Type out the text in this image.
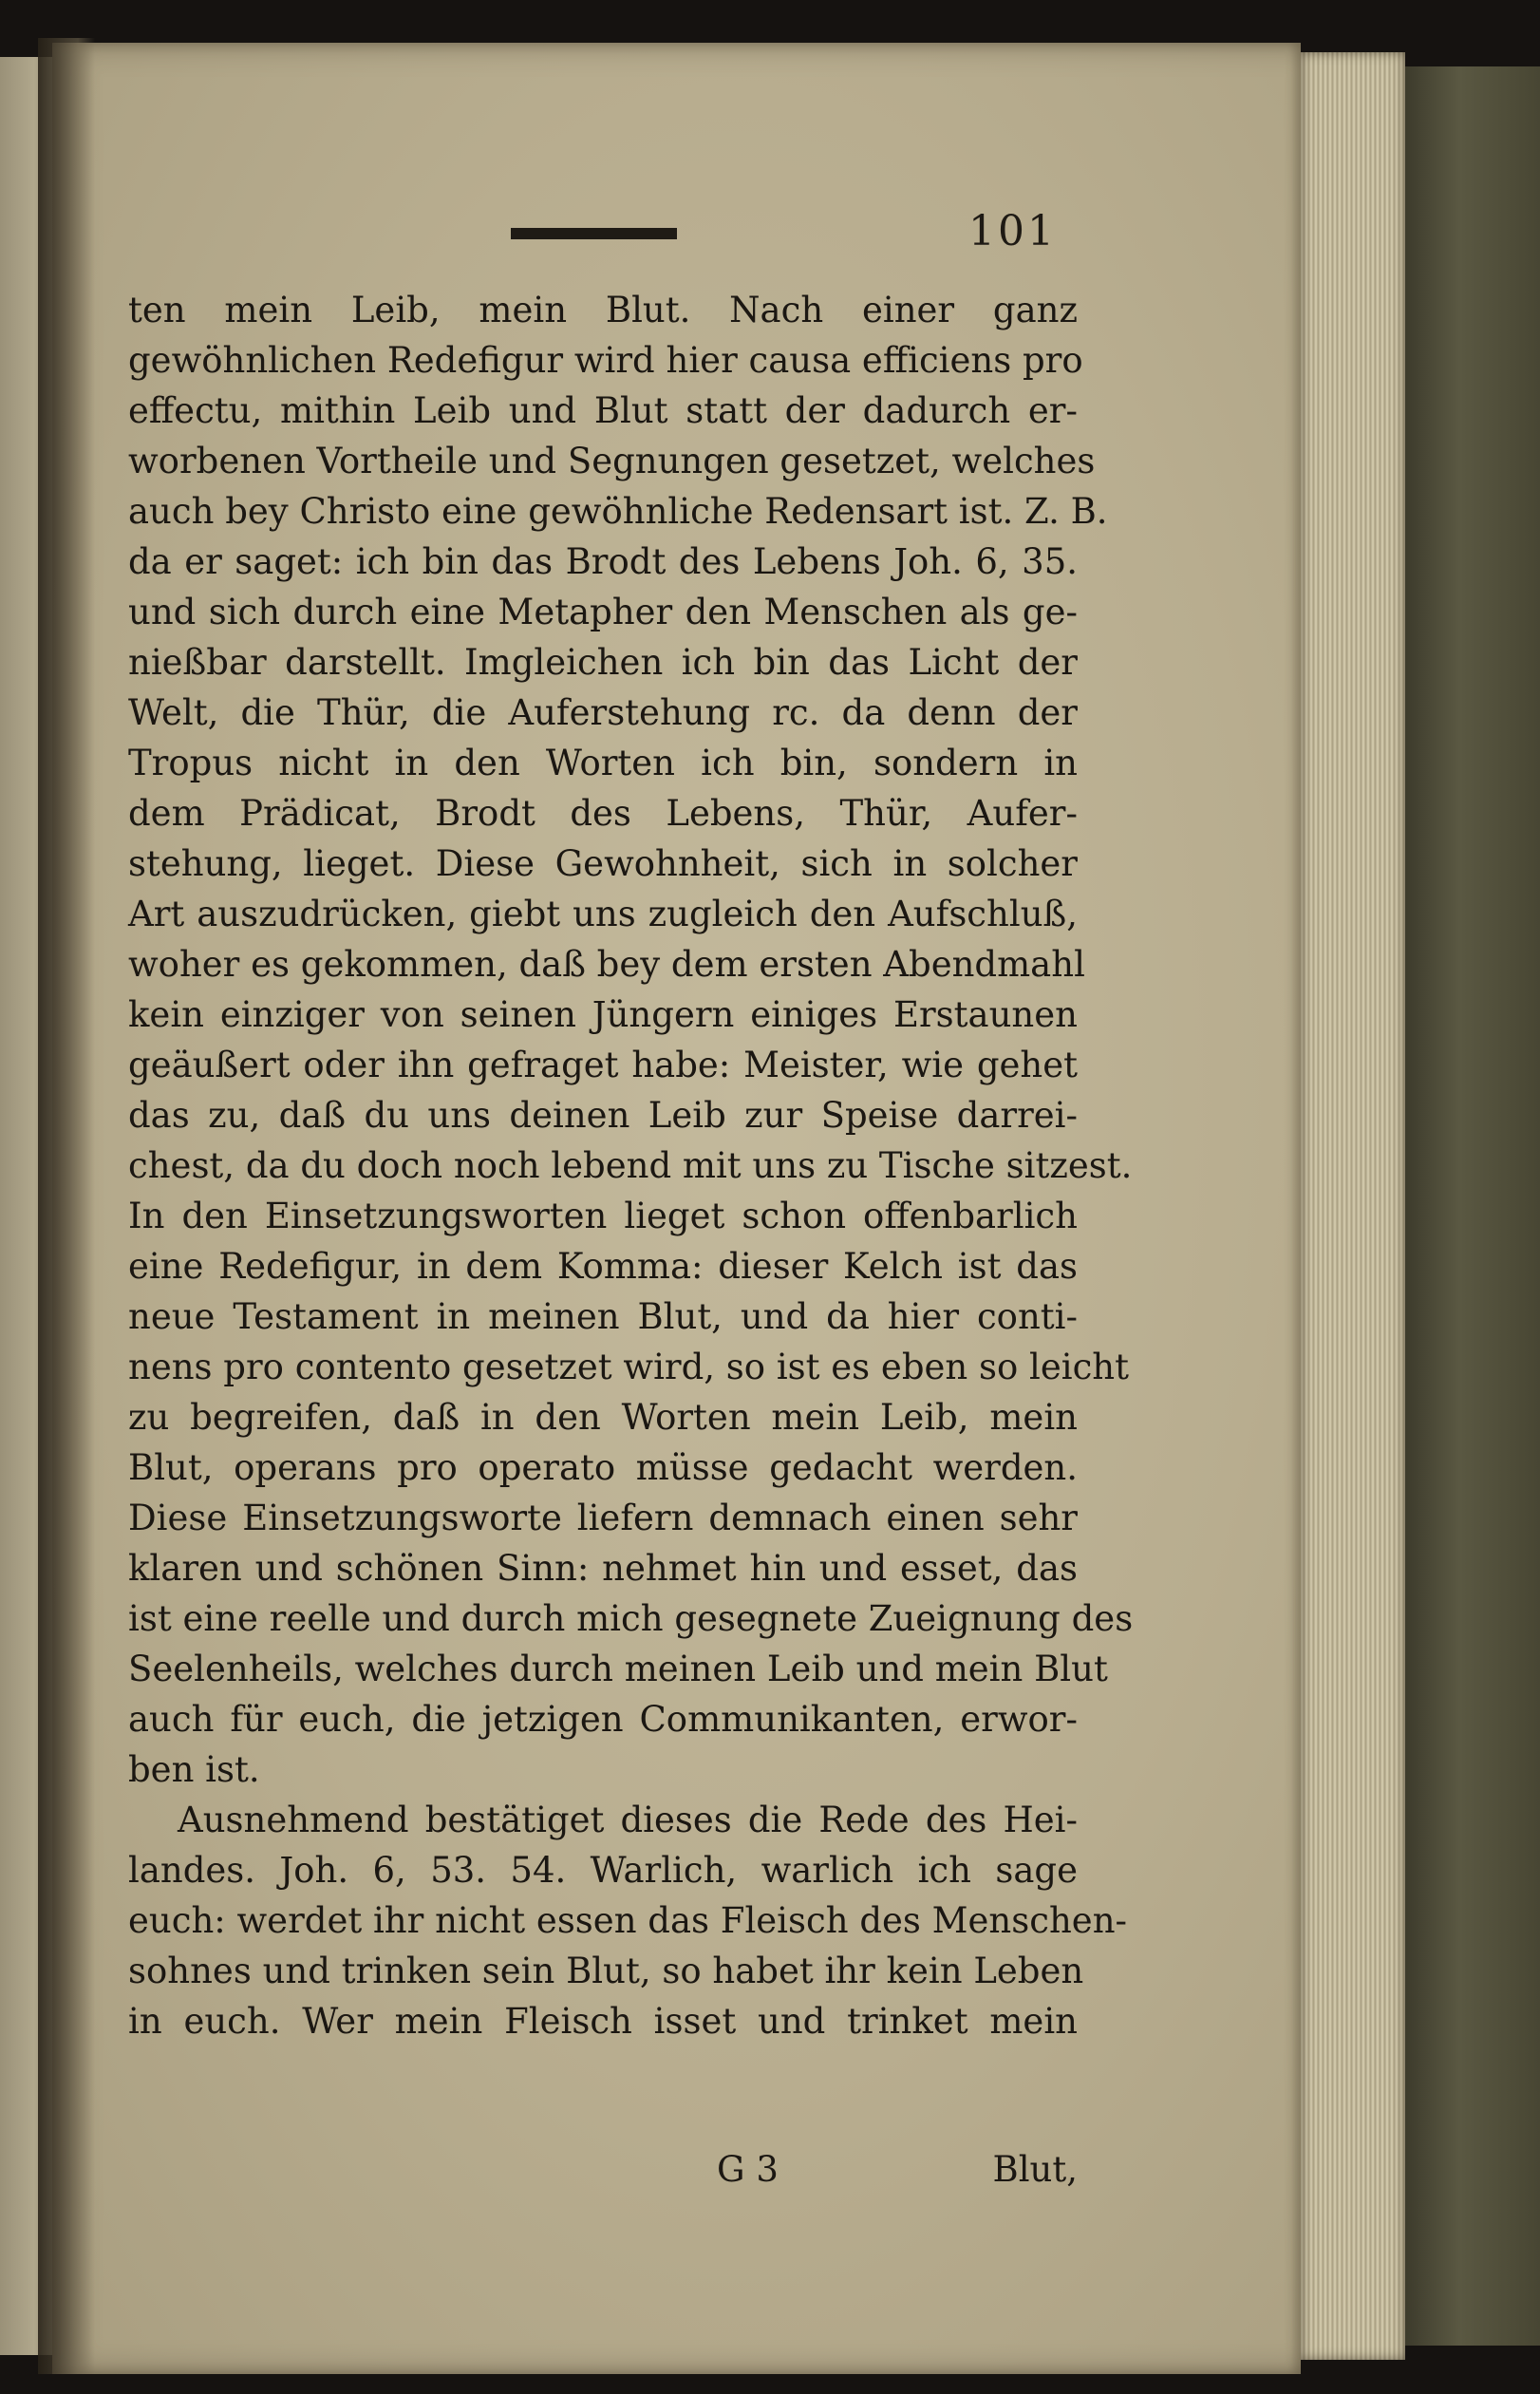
101
ten mein Leib, mein Blut. Nach einer ganz
gewöhnlichen Redefigur wird hier causa efficiens pro
effectu, mithin Leib und Blut statt der dadurch er-
worbenen Vortheile und Segnungen gesetzet, welches
auch bey Christo eine gewöhnliche Redensart ist. Z. B.
da er saget: ich bin das Brodt des Lebens Joh. 6, 35.
und sich durch eine Metapher den Menschen als ge-
nießbar darstellt. Imgleichen ich bin das Licht der
Welt, die Thür, die Auferstehung rc. da denn der
Tropus nicht in den Worten ich bin, sondern in
dem Prädicat, Brodt des Lebens, Thür, Aufer-
stehung, lieget. Diese Gewohnheit, sich in solcher
Art auszudrücken, giebt uns zugleich den Aufschluß,
woher es gekommen, daß bey dem ersten Abendmahl
kein einziger von seinen Jüngern einiges Erstaunen
geäußert oder ihn gefraget habe: Meister, wie gehet
das zu, daß du uns deinen Leib zur Speise darrei-
chest, da du doch noch lebend mit uns zu Tische sitzest.
In den Einsetzungsworten lieget schon offenbarlich
eine Redefigur, in dem Komma: dieser Kelch ist das
neue Testament in meinen Blut, und da hier conti-
nens pro contento gesetzet wird, so ist es eben so leicht
zu begreifen, daß in den Worten mein Leib, mein
Blut, operans pro operato müsse gedacht werden.
Diese Einsetzungsworte liefern demnach einen sehr
klaren und schönen Sinn: nehmet hin und esset, das
ist eine reelle und durch mich gesegnete Zueignung des
Seelenheils, welches durch meinen Leib und mein Blut
auch für euch, die jetzigen Communikanten, erwor-
ben ist.
Ausnehmend bestätiget dieses die Rede des Hei-
landes. Joh. 6, 53. 54. Warlich, warlich ich sage
euch: werdet ihr nicht essen das Fleisch des Menschen-
sohnes und trinken sein Blut, so habet ihr kein Leben
in euch. Wer mein Fleisch isset und trinket mein
G 3	Blut,
